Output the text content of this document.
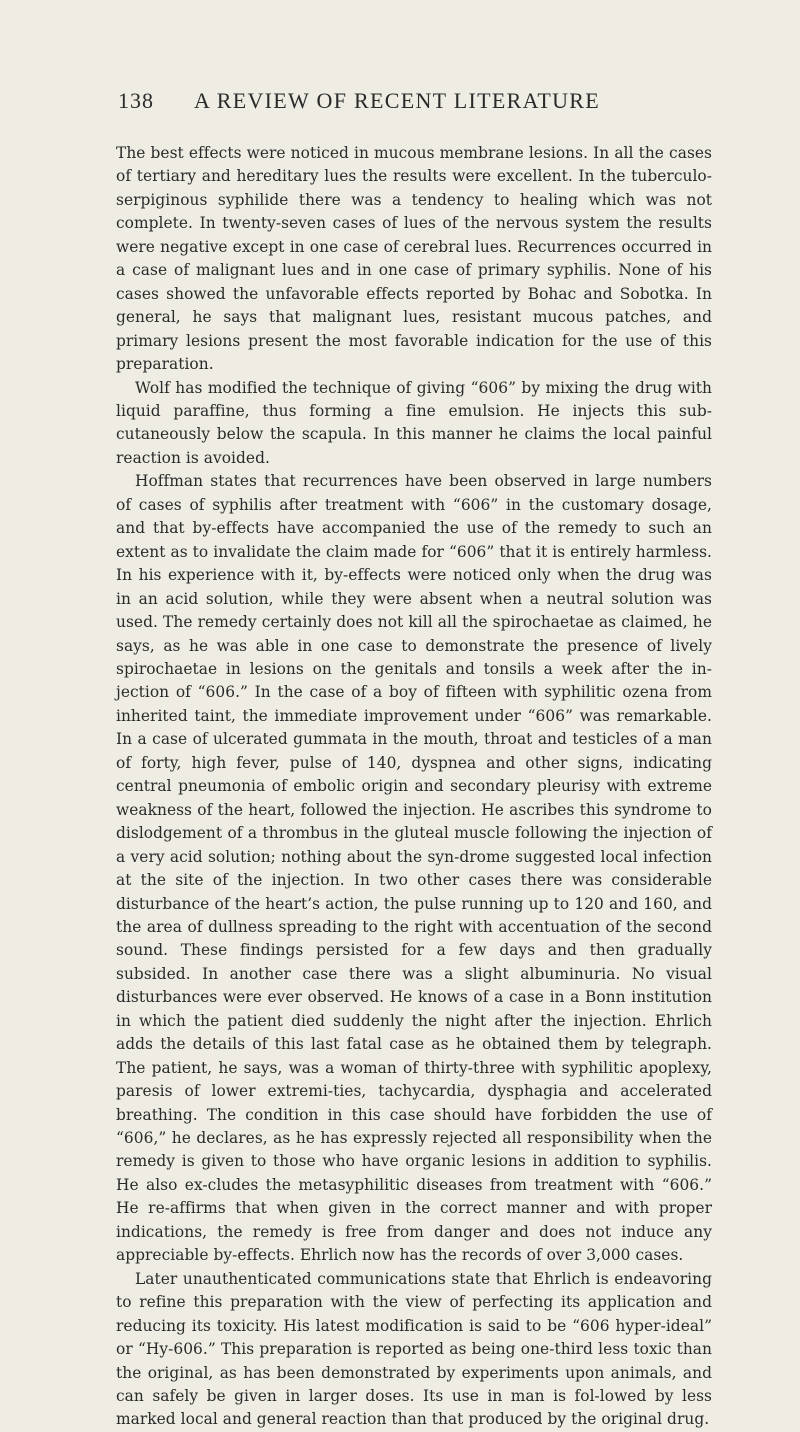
138 A REVIEW OF RECENT LITERATURE

The best effects were noticed in mucous membrane lesions. In all the cases of tertiary and hereditary lues the results were excellent. In the tuberculo-serpiginous syphilide there was a tendency to healing which was not complete. In twenty-seven cases of lues of the nervous system the results were negative except in one case of cerebral lues. Recurrences occurred in a case of malignant lues and in one case of primary syphilis. None of his cases showed the unfavorable effects reported by Bohac and Sobotka. In general, he says that malignant lues, resistant mucous patches, and primary lesions present the most favorable indication for the use of this preparation.

Wolf has modified the technique of giving “606” by mixing the drug with liquid paraffine, thus forming a fine emulsion. He injects this sub-cutaneously below the scapula. In this manner he claims the local painful reaction is avoided.

Hoffman states that recurrences have been observed in large numbers of cases of syphilis after treatment with “606” in the customary dosage, and that by-effects have accompanied the use of the remedy to such an extent as to invalidate the claim made for “606” that it is entirely harmless. In his experience with it, by-effects were noticed only when the drug was in an acid solution, while they were absent when a neutral solution was used. The remedy certainly does not kill all the spirochaetae as claimed, he says, as he was able in one case to demonstrate the presence of lively spirochaetae in lesions on the genitals and tonsils a week after the in-jection of “606.” In the case of a boy of fifteen with syphilitic ozena from inherited taint, the immediate improvement under “606” was remarkable. In a case of ulcerated gummata in the mouth, throat and testicles of a man of forty, high fever, pulse of 140, dyspnea and other signs, indicating central pneumonia of embolic origin and secondary pleurisy with extreme weakness of the heart, followed the injection. He ascribes this syndrome to dislodgement of a thrombus in the gluteal muscle following the injection of a very acid solution; nothing about the syn-drome suggested local infection at the site of the injection. In two other cases there was considerable disturbance of the heart’s action, the pulse running up to 120 and 160, and the area of dullness spreading to the right with accentuation of the second sound. These findings persisted for a few days and then gradually subsided. In another case there was a slight albuminuria. No visual disturbances were ever observed. He knows of a case in a Bonn institution in which the patient died suddenly the night after the injection. Ehrlich adds the details of this last fatal case as he obtained them by telegraph. The patient, he says, was a woman of thirty-three with syphilitic apoplexy, paresis of lower extremi-ties, tachycardia, dysphagia and accelerated breathing. The condition in this case should have forbidden the use of “606,” he declares, as he has expressly rejected all responsibility when the remedy is given to those who have organic lesions in addition to syphilis. He also ex-cludes the metasyphilitic diseases from treatment with “606.” He re-affirms that when given in the correct manner and with proper indications, the remedy is free from danger and does not induce any appreciable by-effects. Ehrlich now has the records of over 3,000 cases.

Later unauthenticated communications state that Ehrlich is endeavoring to refine this preparation with the view of perfecting its application and reducing its toxicity. His latest modification is said to be “606 hyper-ideal” or “Hy-606.” This preparation is reported as being one-third less toxic than the original, as has been demonstrated by experiments upon animals, and can safely be given in larger doses. Its use in man is fol-lowed by less marked local and general reaction than that produced by the original drug.
